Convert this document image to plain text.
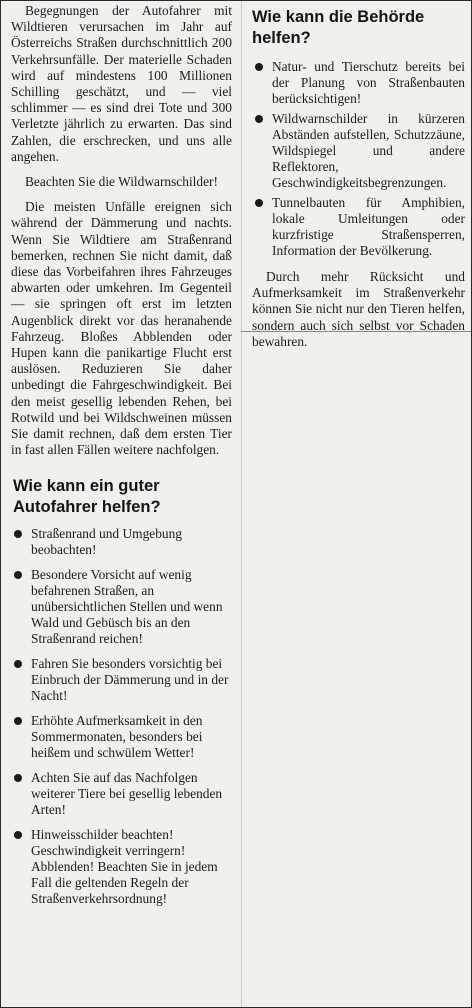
Begegnungen der Autofahrer mit Wildtieren verursachen im Jahr auf Österreichs Straßen durchschnittlich 200 Verkehrsunfälle. Der materielle Schaden wird auf mindestens 100 Millionen Schilling geschätzt, und — viel schlimmer — es sind drei Tote und 300 Verletzte jährlich zu erwarten. Das sind Zahlen, die erschrecken, und uns alle angehen.

Beachten Sie die Wildwarnschilder!

Die meisten Unfälle ereignen sich während der Dämmerung und nachts. Wenn Sie Wildtiere am Straßenrand bemerken, rechnen Sie nicht damit, daß diese das Vorbeifahren ihres Fahrzeuges abwarten oder umkehren. Im Gegenteil — sie springen oft erst im letzten Augenblick direkt vor das heranahende Fahrzeug. Bloßes Abblenden oder Hupen kann die panikartige Flucht erst auslösen. Reduzieren Sie daher unbedingt die Fahrgeschwindigkeit. Bei den meist gesellig lebenden Rehen, bei Rotwild und bei Wildschweinen müssen Sie damit rechnen, daß dem ersten Tier in fast allen Fällen weitere nachfolgen.

Wie kann ein guter
Autofahrer helfen?
Straßenrand und Umgebung beobachten!
Besondere Vorsicht auf wenig befahrenen Straßen, an unübersichtlichen Stellen und wenn Wald und Gebüsch bis an den Straßenrand reichen!
Fahren Sie besonders vorsichtig bei Einbruch der Dämmerung und in der Nacht!
Erhöhte Aufmerksamkeit in den Sommermonaten, besonders bei heißem und schwülem Wetter!
Achten Sie auf das Nachfolgen weiterer Tiere bei gesellig lebenden Arten!
Hinweisschilder beachten! Geschwindigkeit verringern! Abblenden! Beachten Sie in jedem Fall die geltenden Regeln der Straßenverkehrsordnung!
Wie kann die Behörde
helfen?
Natur- und Tierschutz bereits bei der Planung von Straßenbauten berücksichtigen!
Wildwarnschilder in kürzeren Abständen aufstellen, Schutzzäune, Wildspiegel und andere Reflektoren, Geschwindigkeitsbegrenzungen.
Tunnelbauten für Amphibien, lokale Umleitungen oder kurzfristige Straßensperren, Information der Bevölkerung.

Durch mehr Rücksicht und Aufmerksamkeit im Straßenverkehr können Sie nicht nur den Tieren helfen, sondern auch sich selbst vor Schaden bewahren.
